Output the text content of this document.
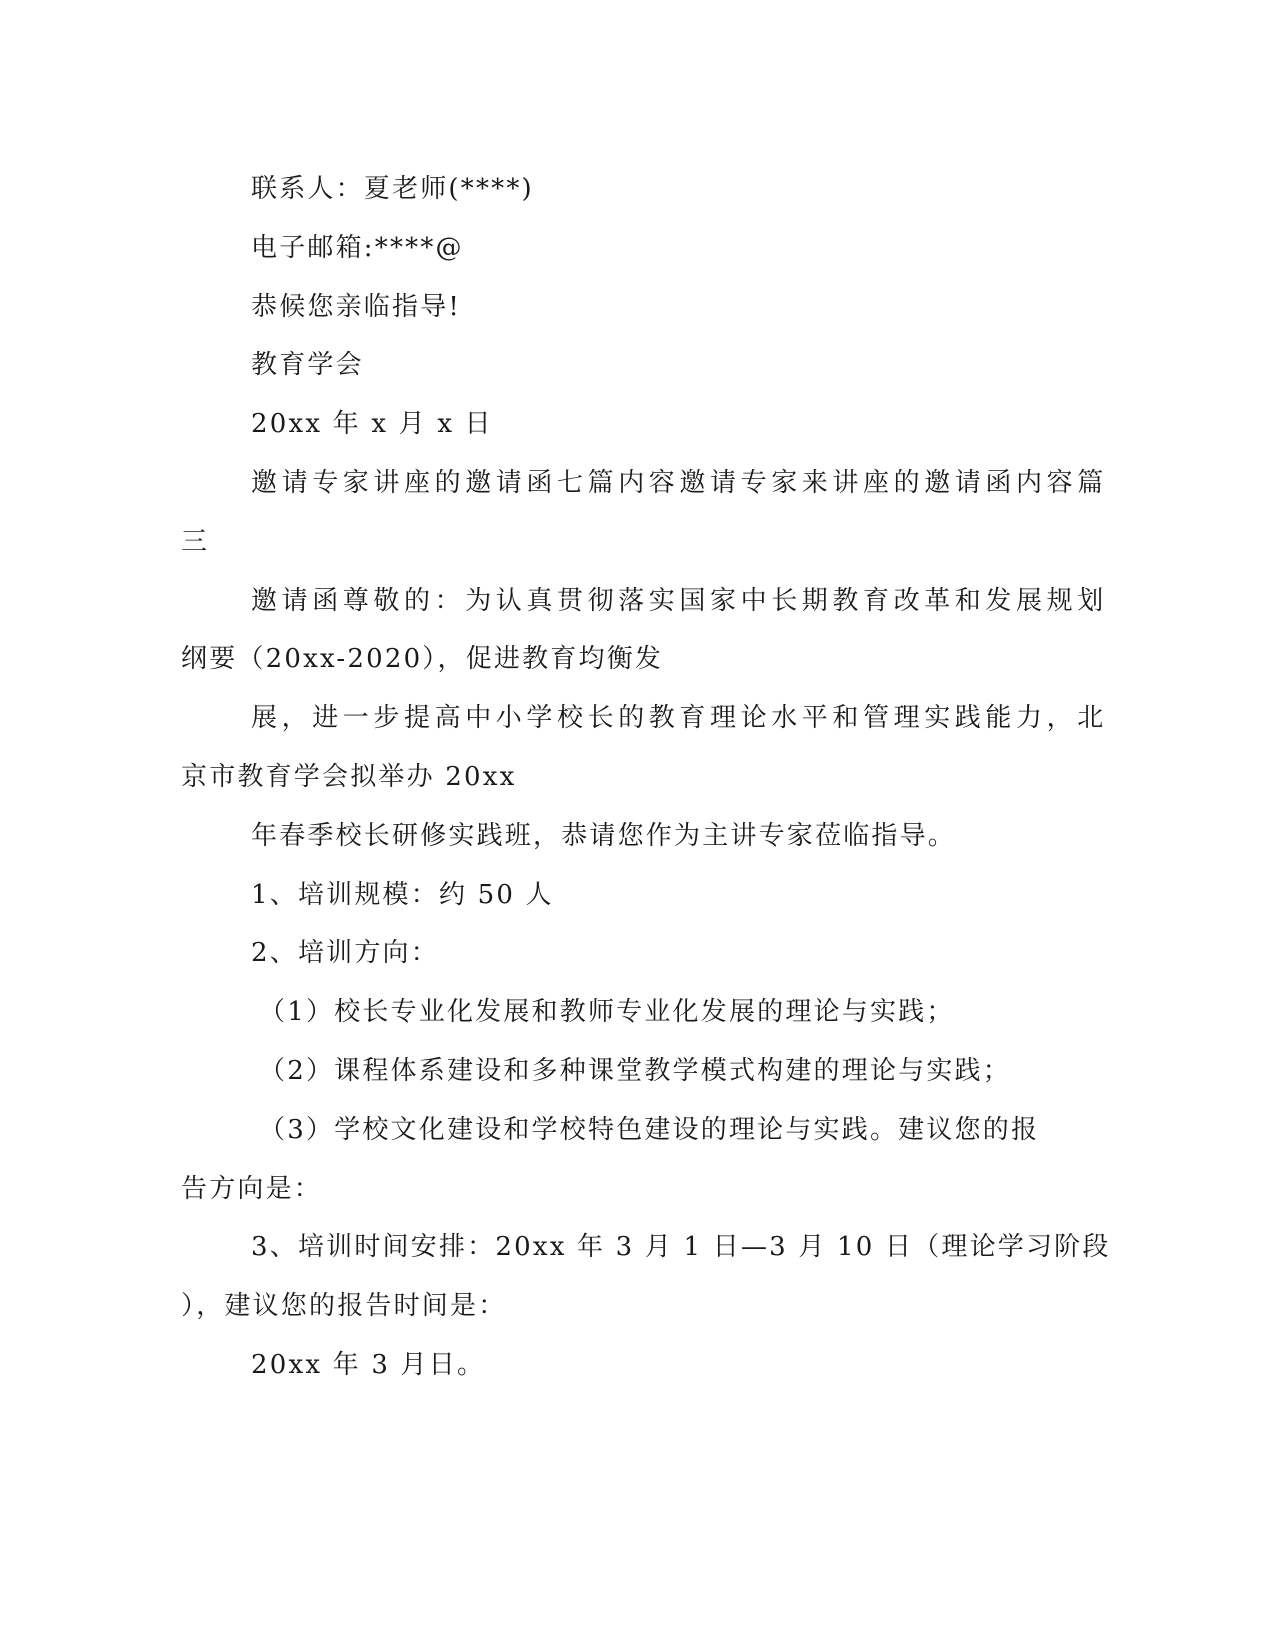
联系人：夏老师(****)
电子邮箱:****@
恭候您亲临指导!
教育学会
20xx 年 x 月 x 日
邀请专家讲座的邀请函七篇内容邀请专家来讲座的邀请函内容篇
三
邀请函尊敬的：为认真贯彻落实国家中长期教育改革和发展规划
纲要（20xx-2020），促进教育均衡发
展，进一步提高中小学校长的教育理论水平和管理实践能力，北
京市教育学会拟举办 20xx
年春季校长研修实践班，恭请您作为主讲专家莅临指导。
1、培训规模：约 50 人
2、培训方向：
（1）校长专业化发展和教师专业化发展的理论与实践；
（2）课程体系建设和多种课堂教学模式构建的理论与实践；
（3）学校文化建设和学校特色建设的理论与实践。建议您的报
告方向是：
3、培训时间安排：20xx 年 3 月 1 日—3 月 10 日（理论学习阶段
），建议您的报告时间是：
20xx 年 3 月日。
